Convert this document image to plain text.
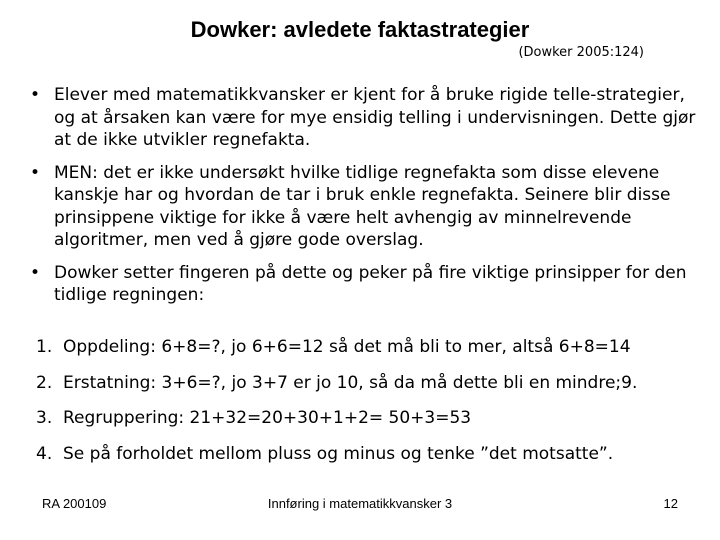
Dowker: avledete faktastrategier
(Dowker 2005:124)
• Elever med matematikkvansker er kjent for å bruke rigide telle-strategier, og at årsaken kan være for mye ensidig telling i undervisningen. Dette gjør at de ikke utvikler regnefakta.
• MEN: det er ikke undersøkt hvilke tidlige regnefakta som disse elevene kanskje har og hvordan de tar i bruk enkle regnefakta. Seinere blir disse prinsippene viktige for ikke å være helt avhengig av minnelrevende algoritmer, men ved å gjøre gode overslag.
• Dowker setter fingeren på dette og peker på fire viktige prinsipper for den tidlige regningen:
1. Oppdeling: 6+8=?, jo 6+6=12 så det må bli to mer, altså 6+8=14
2. Erstatning: 3+6=?, jo 3+7 er jo 10, så da må dette bli en mindre;9.
3. Regruppering: 21+32=20+30+1+2= 50+3=53
4. Se på forholdet mellom pluss og minus og tenke ”det motsatte”.
Innføring i matematikkvansker 3
RA 200109	12
